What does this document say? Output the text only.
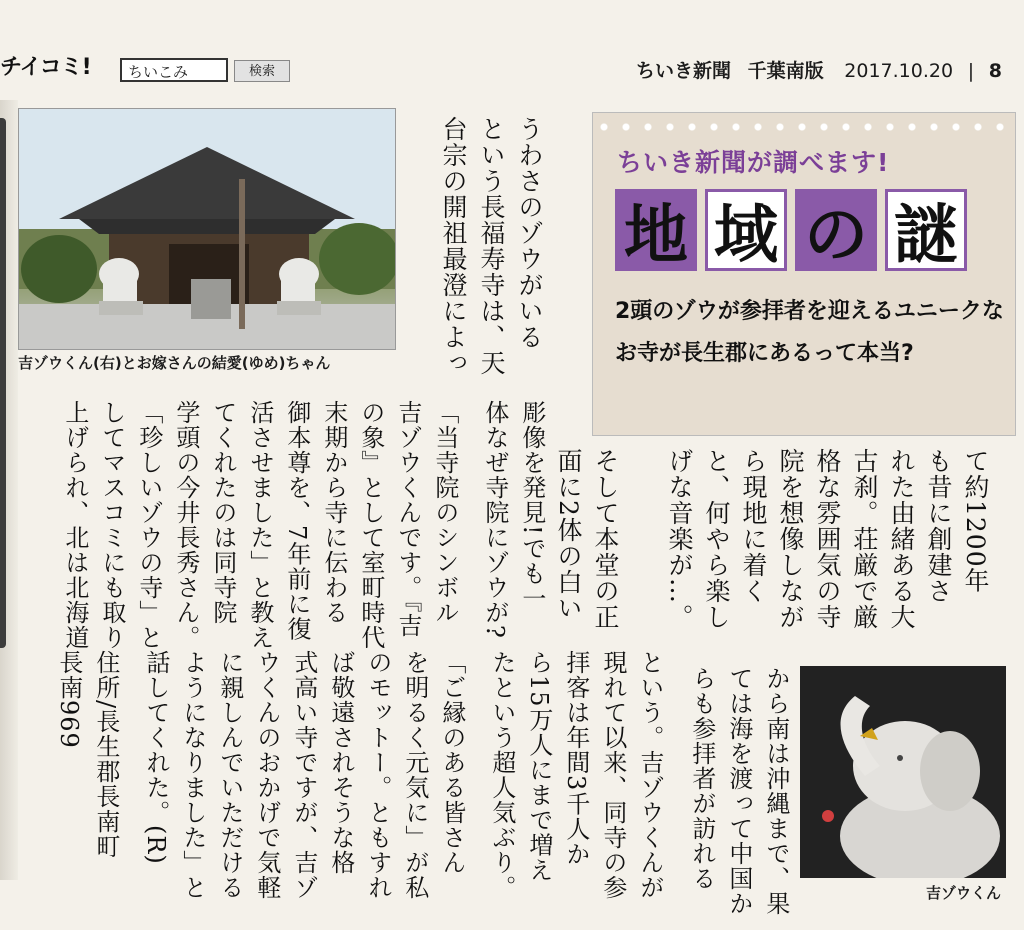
チイコミ!	ちいこみ	検索	ちいき新聞 千葉南版 2017.10.20 | 8
吉ゾウくん(右)とお嫁さんの結愛(ゆめ)ちゃん
ちいき新聞が調べます!
地 域 の 謎
2頭のゾウが参拝者を迎えるユニークなお寺が長生郡にあるって本当?
うわさのゾウがいる
という長福寿寺は、天
台宗の開祖最澄によっ
て約1200年
も昔に創建さ
れた由緒ある大
古刹。荘厳で厳
格な雰囲気の寺
院を想像しなが
ら現地に着く
と、何やら楽し
げな音楽が…。
そして本堂の正
面に2体の白い
彫像を発見!でも一
体なぜ寺院にゾウが?
「当寺院のシンボル
吉ゾウくんです。『吉
の象』として室町時代
末期から寺に伝わる
御本尊を、7年前に復
活させました」と教え
てくれたのは同寺院
学頭の今井長秀さん。
「珍しいゾウの寺」と
してマスコミにも取り
上げられ、北は北海道
から南は沖縄まで、果
ては海を渡って中国か
らも参拝者が訪れる
という。吉ゾウくんが
現れて以来、同寺の参
拝客は年間3千人か
ら15万人にまで増え
たという超人気ぶり。
「ご縁のある皆さん
を明るく元気に」が私
のモットー。ともすれ
ば敬遠されそうな格
式高い寺ですが、吉ゾ
ウくんのおかげで気軽
に親しんでいただける
ようになりました」と
話してくれた。(R)
住所/長生郡長南町
長南969
吉ゾウくん
